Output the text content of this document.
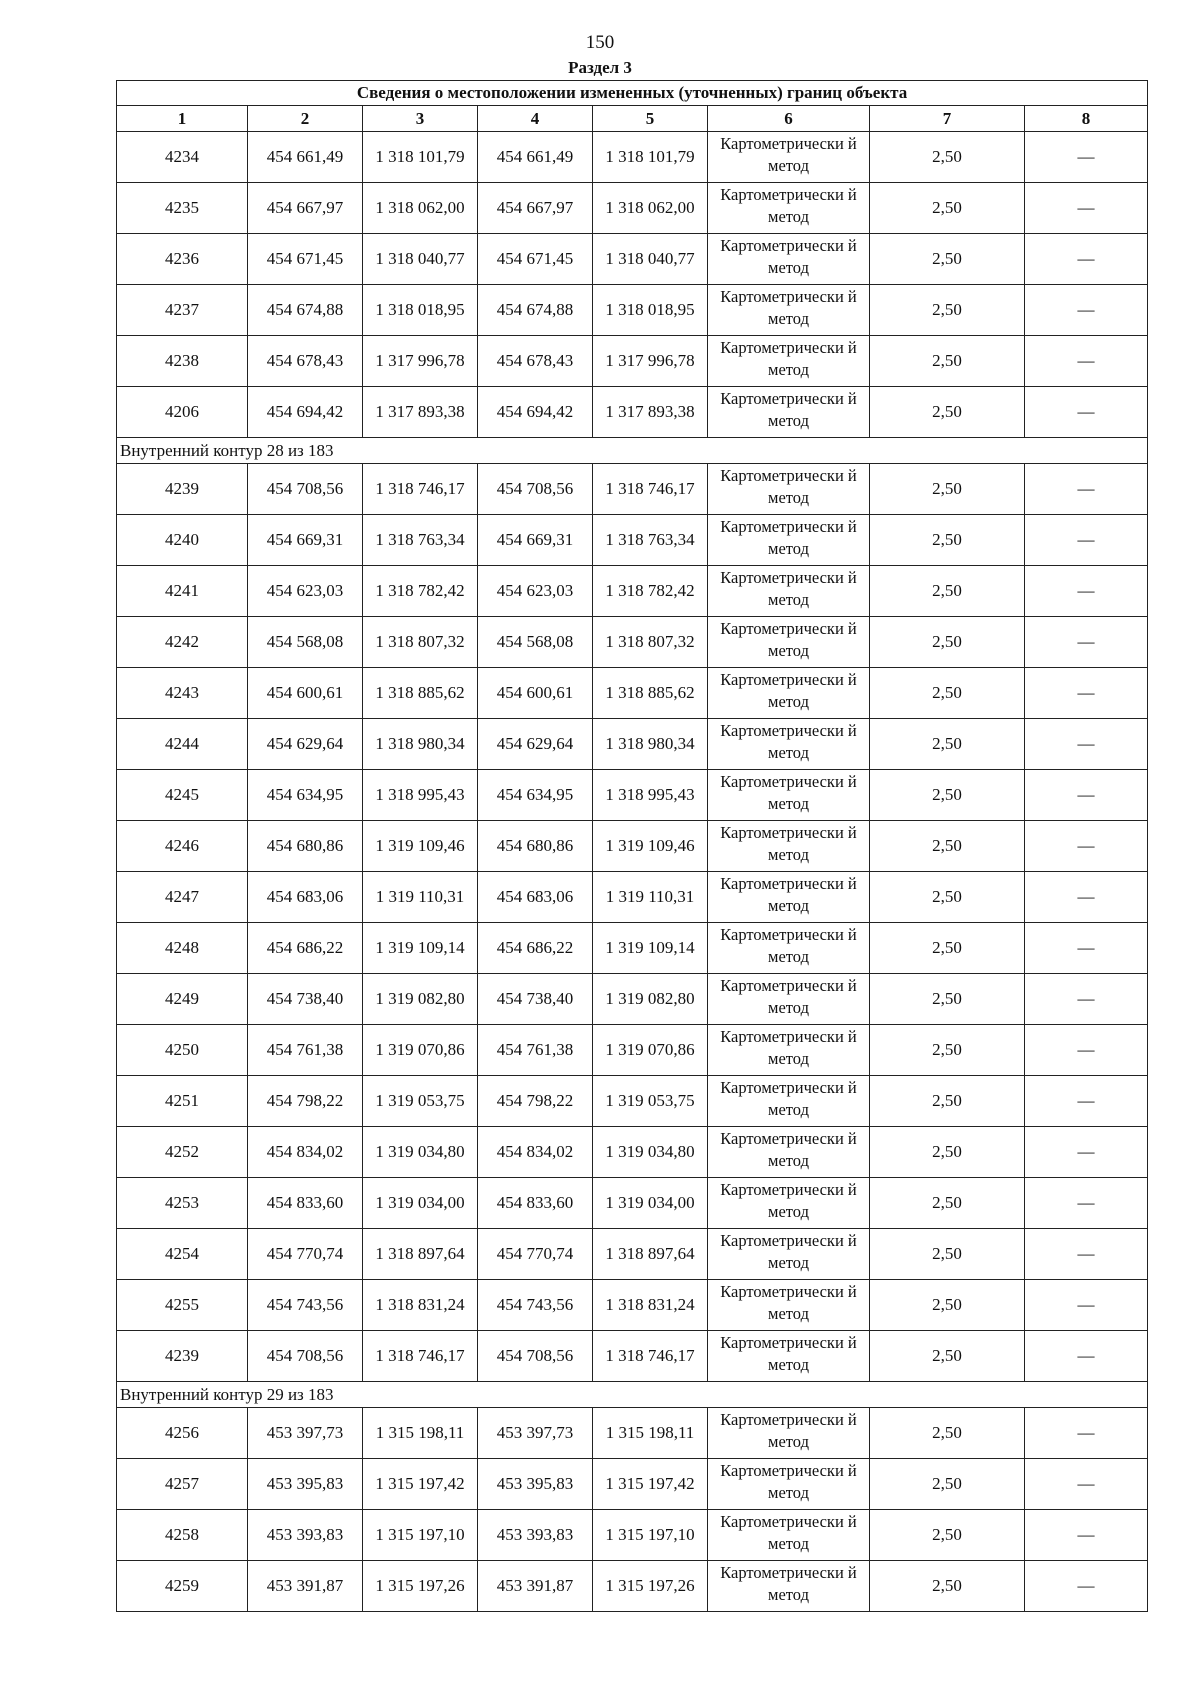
150
Раздел 3
Сведения о местоположении измененных (уточненных) границ объекта							
1	2	3	4	5	6	7	8
4234	454 661,49	1 318 101,79	454 661,49	1 318 101,79	Картометрически й метод	2,50	—
4235	454 667,97	1 318 062,00	454 667,97	1 318 062,00	Картометрически й метод	2,50	—
4236	454 671,45	1 318 040,77	454 671,45	1 318 040,77	Картометрически й метод	2,50	—
4237	454 674,88	1 318 018,95	454 674,88	1 318 018,95	Картометрически й метод	2,50	—
4238	454 678,43	1 317 996,78	454 678,43	1 317 996,78	Картометрически й метод	2,50	—
4206	454 694,42	1 317 893,38	454 694,42	1 317 893,38	Картометрически й метод	2,50	—
Внутренний контур 28 из 183							
4239	454 708,56	1 318 746,17	454 708,56	1 318 746,17	Картометрически й метод	2,50	—
4240	454 669,31	1 318 763,34	454 669,31	1 318 763,34	Картометрически й метод	2,50	—
4241	454 623,03	1 318 782,42	454 623,03	1 318 782,42	Картометрически й метод	2,50	—
4242	454 568,08	1 318 807,32	454 568,08	1 318 807,32	Картометрически й метод	2,50	—
4243	454 600,61	1 318 885,62	454 600,61	1 318 885,62	Картометрически й метод	2,50	—
4244	454 629,64	1 318 980,34	454 629,64	1 318 980,34	Картометрически й метод	2,50	—
4245	454 634,95	1 318 995,43	454 634,95	1 318 995,43	Картометрически й метод	2,50	—
4246	454 680,86	1 319 109,46	454 680,86	1 319 109,46	Картометрически й метод	2,50	—
4247	454 683,06	1 319 110,31	454 683,06	1 319 110,31	Картометрически й метод	2,50	—
4248	454 686,22	1 319 109,14	454 686,22	1 319 109,14	Картометрически й метод	2,50	—
4249	454 738,40	1 319 082,80	454 738,40	1 319 082,80	Картометрически й метод	2,50	—
4250	454 761,38	1 319 070,86	454 761,38	1 319 070,86	Картометрически й метод	2,50	—
4251	454 798,22	1 319 053,75	454 798,22	1 319 053,75	Картометрически й метод	2,50	—
4252	454 834,02	1 319 034,80	454 834,02	1 319 034,80	Картометрически й метод	2,50	—
4253	454 833,60	1 319 034,00	454 833,60	1 319 034,00	Картометрически й метод	2,50	—
4254	454 770,74	1 318 897,64	454 770,74	1 318 897,64	Картометрически й метод	2,50	—
4255	454 743,56	1 318 831,24	454 743,56	1 318 831,24	Картометрически й метод	2,50	—
4239	454 708,56	1 318 746,17	454 708,56	1 318 746,17	Картометрически й метод	2,50	—
Внутренний контур 29 из 183							
4256	453 397,73	1 315 198,11	453 397,73	1 315 198,11	Картометрически й метод	2,50	—
4257	453 395,83	1 315 197,42	453 395,83	1 315 197,42	Картометрически й метод	2,50	—
4258	453 393,83	1 315 197,10	453 393,83	1 315 197,10	Картометрически й метод	2,50	—
4259	453 391,87	1 315 197,26	453 391,87	1 315 197,26	Картометрически й метод	2,50	—
